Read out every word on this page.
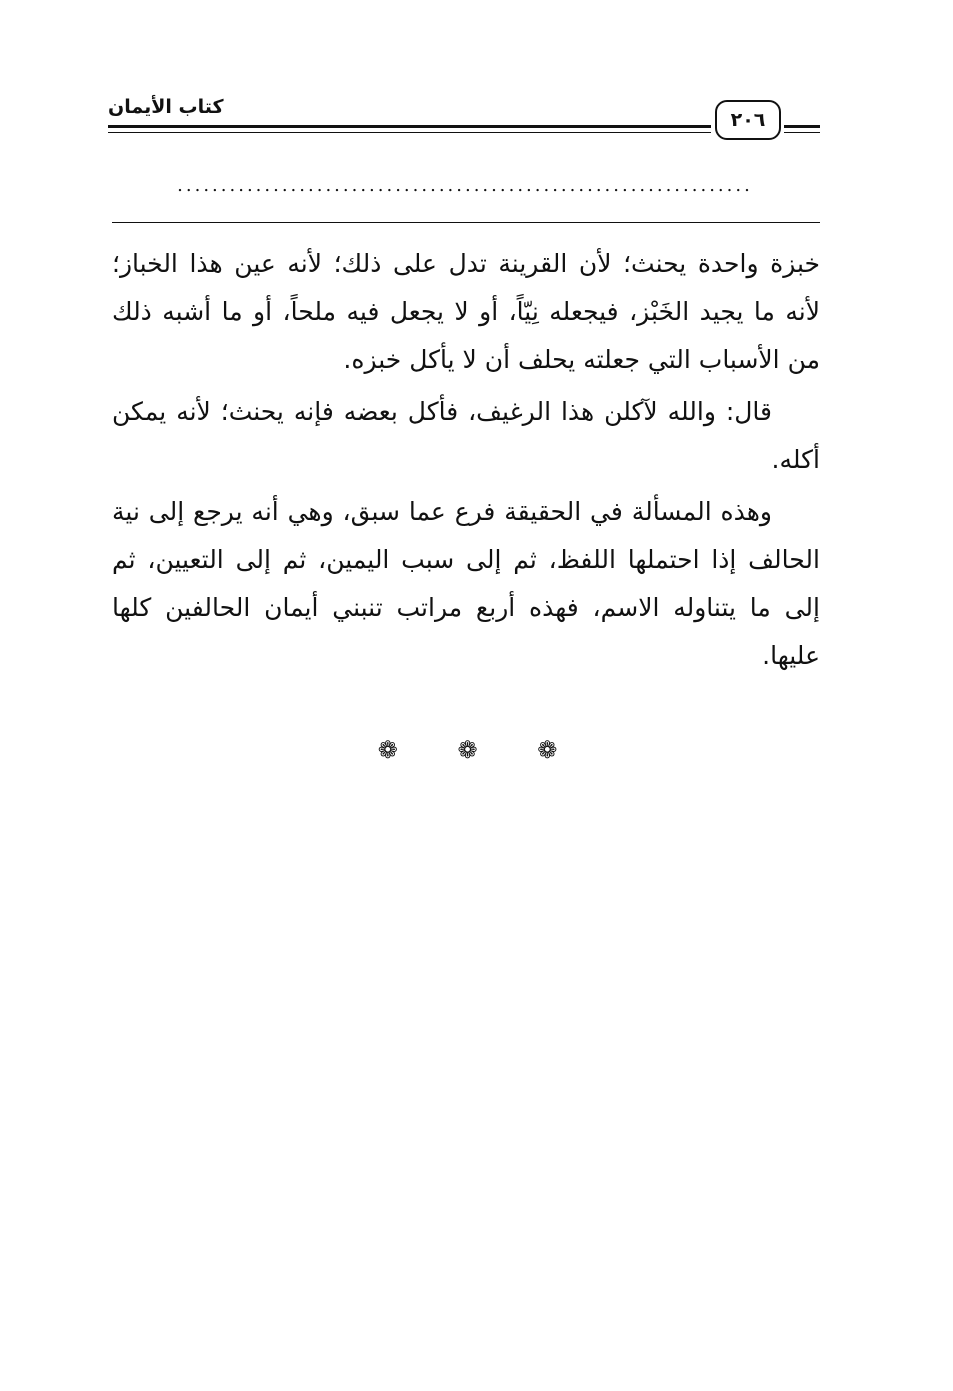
كتاب الأيمان
٢٠٦
..................................................................

خبزة واحدة يحنث؛ لأن القرينة تدل على ذلك؛ لأنه عين هذا الخباز؛ لأنه ما يجيد الخَبْز، فيجعله نِيّاً، أو لا يجعل فيه ملحاً، أو ما أشبه ذلك من الأسباب التي جعلته يحلف أن لا يأكل خبزه.

قال: والله لآكلن هذا الرغيف، فأكل بعضه فإنه يحنث؛ لأنه يمكن أكله.

وهذه المسألة في الحقيقة فرع عما سبق، وهي أنه يرجع إلى نية الحالف إذا احتملها اللفظ، ثم إلى سبب اليمين، ثم إلى التعيين، ثم إلى ما يتناوله الاسم، فهذه أربع مراتب تنبني أيمان الحالفين كلها عليها.

❁ ❁ ❁
